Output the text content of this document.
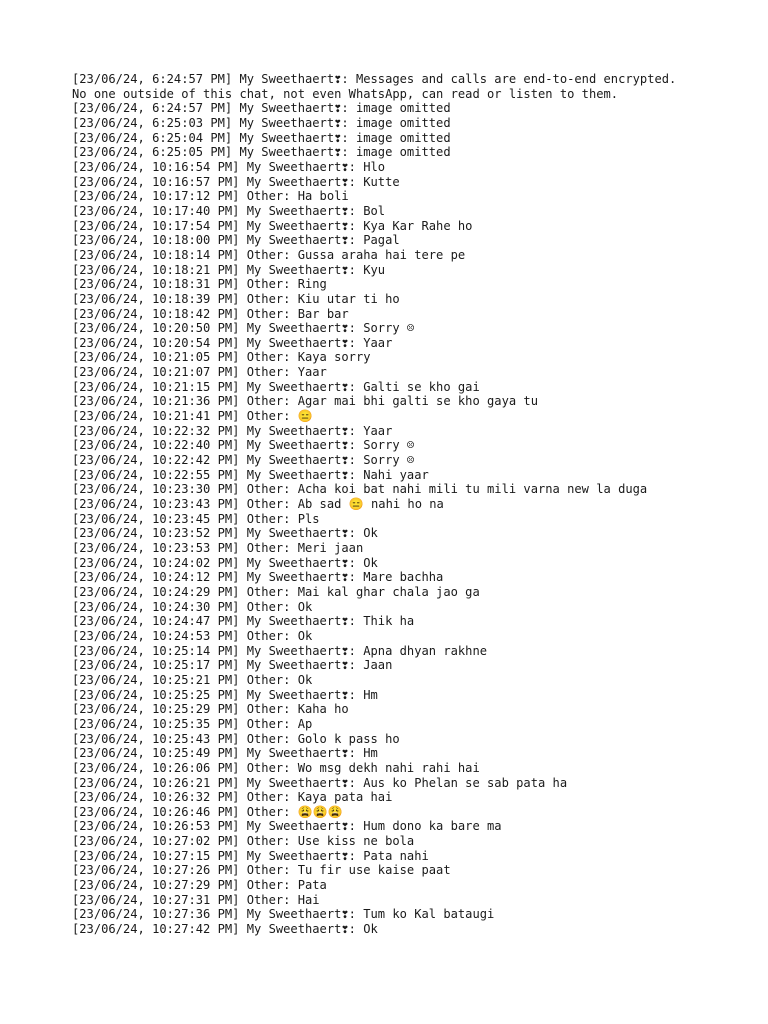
[23/06/24, 6:24:57 PM] My Sweethaert❣: Messages and calls are end-to-end encrypted.
No one outside of this chat, not even WhatsApp, can read or listen to them.
[23/06/24, 6:24:57 PM] My Sweethaert❣: image omitted
[23/06/24, 6:25:03 PM] My Sweethaert❣: image omitted
[23/06/24, 6:25:04 PM] My Sweethaert❣: image omitted
[23/06/24, 6:25:05 PM] My Sweethaert❣: image omitted
[23/06/24, 10:16:54 PM] My Sweethaert❣: Hlo
[23/06/24, 10:16:57 PM] My Sweethaert❣: Kutte
[23/06/24, 10:17:12 PM] Other: Ha boli
[23/06/24, 10:17:40 PM] My Sweethaert❣: Bol
[23/06/24, 10:17:54 PM] My Sweethaert❣: Kya Kar Rahe ho
[23/06/24, 10:18:00 PM] My Sweethaert❣: Pagal
[23/06/24, 10:18:14 PM] Other: Gussa araha hai tere pe
[23/06/24, 10:18:21 PM] My Sweethaert❣: Kyu
[23/06/24, 10:18:31 PM] Other: Ring
[23/06/24, 10:18:39 PM] Other: Kiu utar ti ho
[23/06/24, 10:18:42 PM] Other: Bar bar
[23/06/24, 10:20:50 PM] My Sweethaert❣: Sorry ☹
[23/06/24, 10:20:54 PM] My Sweethaert❣: Yaar
[23/06/24, 10:21:05 PM] Other: Kaya sorry
[23/06/24, 10:21:07 PM] Other: Yaar
[23/06/24, 10:21:15 PM] My Sweethaert❣: Galti se kho gai
[23/06/24, 10:21:36 PM] Other: Agar mai bhi galti se kho gaya tu
[23/06/24, 10:21:41 PM] Other: 😑
[23/06/24, 10:22:32 PM] My Sweethaert❣: Yaar
[23/06/24, 10:22:40 PM] My Sweethaert❣: Sorry ☹
[23/06/24, 10:22:42 PM] My Sweethaert❣: Sorry ☹
[23/06/24, 10:22:55 PM] My Sweethaert❣: Nahi yaar
[23/06/24, 10:23:30 PM] Other: Acha koi bat nahi mili tu mili varna new la duga
[23/06/24, 10:23:43 PM] Other: Ab sad 😑 nahi ho na
[23/06/24, 10:23:45 PM] Other: Pls
[23/06/24, 10:23:52 PM] My Sweethaert❣: Ok
[23/06/24, 10:23:53 PM] Other: Meri jaan
[23/06/24, 10:24:02 PM] My Sweethaert❣: Ok
[23/06/24, 10:24:12 PM] My Sweethaert❣: Mare bachha
[23/06/24, 10:24:29 PM] Other: Mai kal ghar chala jao ga
[23/06/24, 10:24:30 PM] Other: Ok
[23/06/24, 10:24:47 PM] My Sweethaert❣: Thik ha
[23/06/24, 10:24:53 PM] Other: Ok
[23/06/24, 10:25:14 PM] My Sweethaert❣: Apna dhyan rakhne
[23/06/24, 10:25:17 PM] My Sweethaert❣: Jaan
[23/06/24, 10:25:21 PM] Other: Ok
[23/06/24, 10:25:25 PM] My Sweethaert❣: Hm
[23/06/24, 10:25:29 PM] Other: Kaha ho
[23/06/24, 10:25:35 PM] Other: Ap
[23/06/24, 10:25:43 PM] Other: Golo k pass ho
[23/06/24, 10:25:49 PM] My Sweethaert❣: Hm
[23/06/24, 10:26:06 PM] Other: Wo msg dekh nahi rahi hai
[23/06/24, 10:26:21 PM] My Sweethaert❣: Aus ko Phelan se sab pata ha
[23/06/24, 10:26:32 PM] Other: Kaya pata hai
[23/06/24, 10:26:46 PM] Other: 😩😩😩
[23/06/24, 10:26:53 PM] My Sweethaert❣: Hum dono ka bare ma
[23/06/24, 10:27:02 PM] Other: Use kiss ne bola
[23/06/24, 10:27:15 PM] My Sweethaert❣: Pata nahi
[23/06/24, 10:27:26 PM] Other: Tu fir use kaise paat
[23/06/24, 10:27:29 PM] Other: Pata
[23/06/24, 10:27:31 PM] Other: Hai
[23/06/24, 10:27:36 PM] My Sweethaert❣: Tum ko Kal bataugi
[23/06/24, 10:27:42 PM] My Sweethaert❣: Ok
